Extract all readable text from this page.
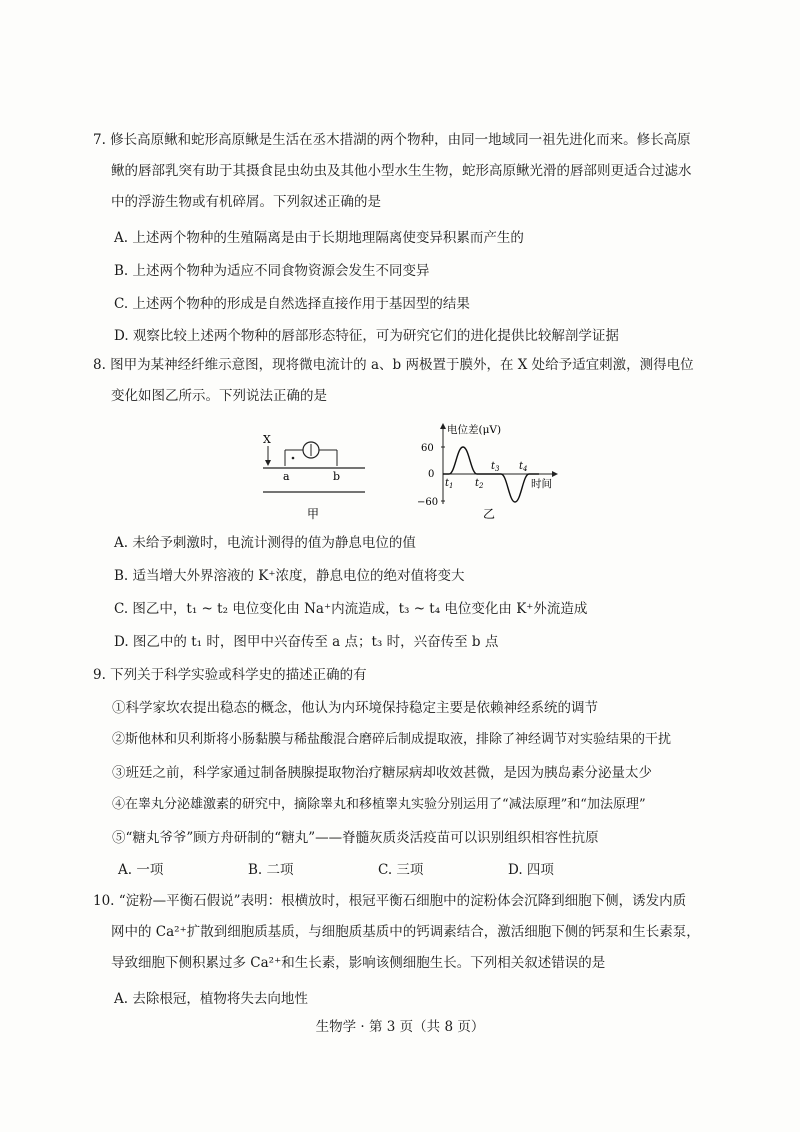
7. 修长高原鳅和蛇形高原鳅是生活在丞木措湖的两个物种，由同一地域同一祖先进化而来。修长高原
鳅的唇部乳突有助于其摄食昆虫幼虫及其他小型水生生物，蛇形高原鳅光滑的唇部则更适合过滤水
中的浮游生物或有机碎屑。下列叙述正确的是
A. 上述两个物种的生殖隔离是由于长期地理隔离使变异积累而产生的
B. 上述两个物种为适应不同食物资源会发生不同变异
C. 上述两个物种的形成是自然选择直接作用于基因型的结果
D. 观察比较上述两个物种的唇部形态特征，可为研究它们的进化提供比较解剖学证据
8. 图甲为某神经纤维示意图，现将微电流计的 a、b 两极置于膜外，在 X 处给予适宜刺激，测得电位
变化如图乙所示。下列说法正确的是
X
a	b
甲
电位差(μV)
60
0
−60
时间
$t_1$ $t_2$
$t_3$ $t_4$
乙
A. 未给予刺激时，电流计测得的值为静息电位的值
B. 适当增大外界溶液的 K⁺浓度，静息电位的绝对值将变大
C. 图乙中，t₁ ~ t₂ 电位变化由 Na⁺内流造成，t₃ ~ t₄ 电位变化由 K⁺外流造成
D. 图乙中的 t₁ 时，图甲中兴奋传至 a 点；t₃ 时，兴奋传至 b 点
9. 下列关于科学实验或科学史的描述正确的有
①科学家坎农提出稳态的概念，他认为内环境保持稳定主要是依赖神经系统的调节
②斯他林和贝利斯将小肠黏膜与稀盐酸混合磨碎后制成提取液，排除了神经调节对实验结果的干扰
③班廷之前，科学家通过制备胰腺提取物治疗糖尿病却收效甚微，是因为胰岛素分泌量太少
④在睾丸分泌雄激素的研究中，摘除睾丸和移植睾丸实验分别运用了“减法原理”和“加法原理”
⑤“糖丸爷爷”顾方舟研制的“糖丸”——脊髓灰质炎活疫苗可以识别组织相容性抗原
A. 一项	B. 二项	C. 三项	D. 四项
10. “淀粉—平衡石假说”表明：根横放时，根冠平衡石细胞中的淀粉体会沉降到细胞下侧，诱发内质
网中的 Ca²⁺扩散到细胞质基质，与细胞质基质中的钙调素结合，激活细胞下侧的钙泵和生长素泵，
导致细胞下侧积累过多 Ca²⁺和生长素，影响该侧细胞生长。下列相关叙述错误的是
A. 去除根冠，植物将失去向地性
生物学 · 第 3 页（共 8 页）
